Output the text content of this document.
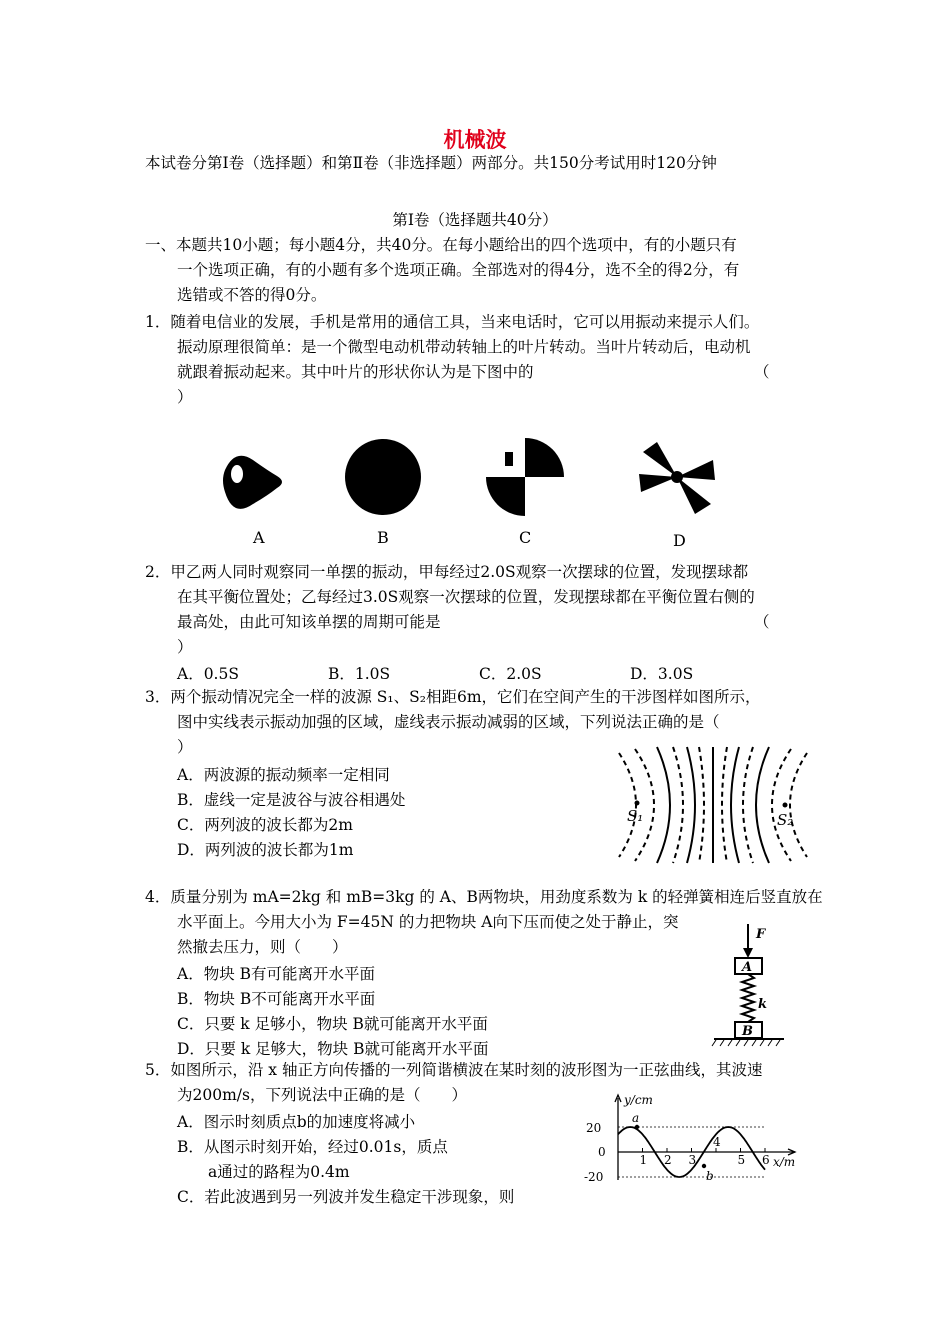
机械波
本试卷分第Ⅰ卷（选择题）和第Ⅱ卷（非选择题）两部分。共150分考试用时120分钟
第Ⅰ卷（选择题共40分）
一、本题共10小题；每小题4分，共40分。在每小题给出的四个选项中，有的小题只有
一个选项正确，有的小题有多个选项正确。全部选对的得4分，选不全的得2分，有
选错或不答的得0分。
1．随着电信业的发展，手机是常用的通信工具，当来电话时，它可以用振动来提示人们。
振动原理很简单：是一个微型电动机带动转轴上的叶片转动。当叶片转动后，电动机
就跟着振动起来。其中叶片的形状你认为是下图中的	（
）
A	B	C	D
2．甲乙两人同时观察同一单摆的振动，甲每经过2.0S观察一次摆球的位置，发现摆球都
在其平衡位置处；乙每经过3.0S观察一次摆球的位置，发现摆球都在平衡位置右侧的
最高处，由此可知该单摆的周期可能是	（
）
A．0.5S	B．1.0S	C．2.0S	D．3.0S
3．两个振动情况完全一样的波源 S₁、S₂相距6m，它们在空间产生的干涉图样如图所示，
图中实线表示振动加强的区域，虚线表示振动减弱的区域，下列说法正确的是（
）
A．两波源的振动频率一定相同
B．虚线一定是波谷与波谷相遇处
C．两列波的波长都为2m
D．两列波的波长都为1m
S₁	S₂
4．质量分别为 mA=2kg 和 mB=3kg 的 A、B两物块，用劲度系数为 k 的轻弹簧相连后竖直放在
水平面上。今用大小为 F=45N 的力把物块 A向下压而使之处于静止，突
然撤去压力，则（　　）
A．物块 B有可能离开水平面
B．物块 B不可能离开水平面
C．只要 k 足够小，物块 B就可能离开水平面
D．只要 k 足够大，物块 B就可能离开水平面
F
A
k
B
5．如图所示，沿 x 轴正方向传播的一列简谐横波在某时刻的波形图为一正弦曲线，其波速
为200m/s，下列说法中正确的是（　　）
A．图示时刻质点b的加速度将减小
B．从图示时刻开始，经过0.01s，质点
a通过的路程为0.4m
C．若此波遇到另一列波并发生稳定干涉现象，则
y/cm
x/m
20
0
-20
1 2 3
4
5 6
a
b
